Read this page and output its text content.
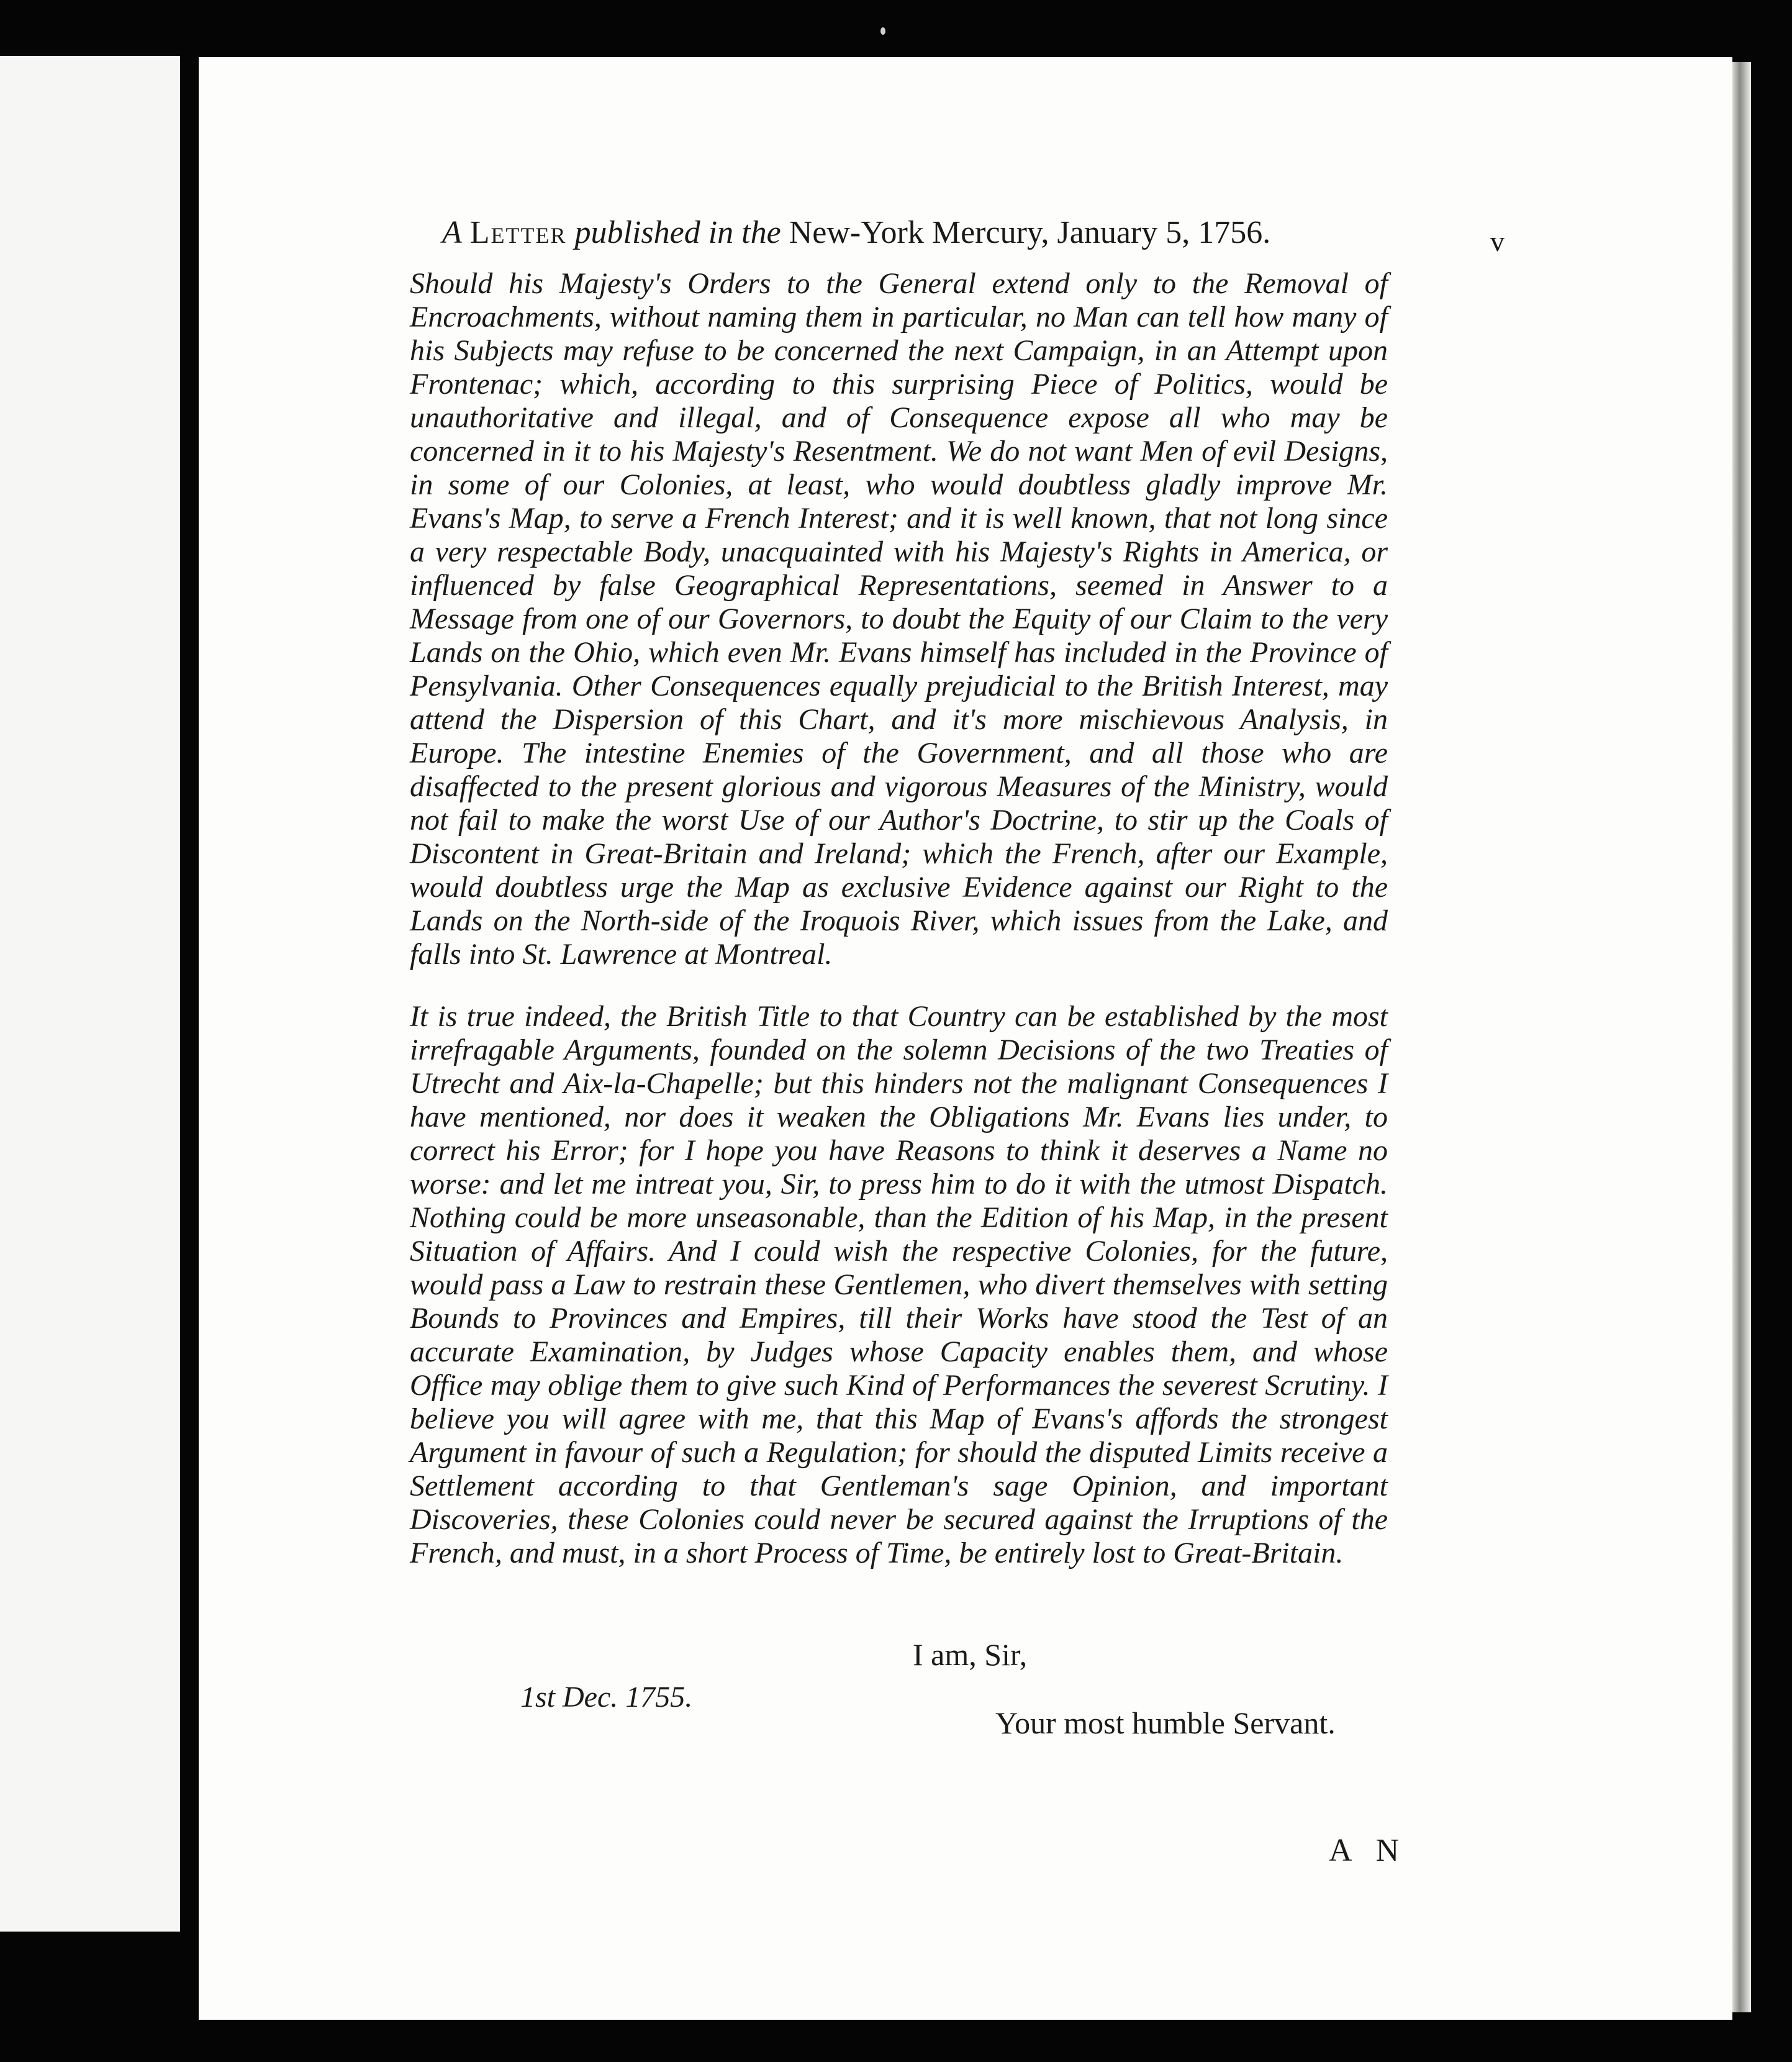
A Letter published in the New-York Mercury, January 5, 1756.	v
Should his Majesty's Orders to the General extend only to the Removal of Encroachments, without naming them in particular, no Man can tell how many of his Subjects may refuse to be concerned the next Campaign, in an Attempt upon Frontenac; which, according to this surprising Piece of Politics, would be unauthoritative and illegal, and of Consequence expose all who may be concerned in it to his Majesty's Resentment. We do not want Men of evil Designs, in some of our Colonies, at least, who would doubtless gladly improve Mr. Evans's Map, to serve a French Interest; and it is well known, that not long since a very respectable Body, unacquainted with his Majesty's Rights in America, or influenced by false Geographical Representations, seemed in Answer to a Message from one of our Governors, to doubt the Equity of our Claim to the very Lands on the Ohio, which even Mr. Evans himself has included in the Province of Pensylvania. Other Consequences equally prejudicial to the British Interest, may attend the Dispersion of this Chart, and it's more mischievous Analysis, in Europe. The intestine Enemies of the Government, and all those who are disaffected to the present glorious and vigorous Measures of the Ministry, would not fail to make the worst Use of our Author's Doctrine, to stir up the Coals of Discontent in Great-Britain and Ireland; which the French, after our Example, would doubtless urge the Map as exclusive Evidence against our Right to the Lands on the North-side of the Iroquois River, which issues from the Lake, and falls into St. Lawrence at Montreal.
It is true indeed, the British Title to that Country can be established by the most irrefragable Arguments, founded on the solemn Decisions of the two Treaties of Utrecht and Aix-la-Chapelle; but this hinders not the malignant Consequences I have mentioned, nor does it weaken the Obligations Mr. Evans lies under, to correct his Error; for I hope you have Reasons to think it deserves a Name no worse: and let me intreat you, Sir, to press him to do it with the utmost Dispatch. Nothing could be more unseasonable, than the Edition of his Map, in the present Situation of Affairs. And I could wish the respective Colonies, for the future, would pass a Law to restrain these Gentlemen, who divert themselves with setting Bounds to Provinces and Empires, till their Works have stood the Test of an accurate Examination, by Judges whose Capacity enables them, and whose Office may oblige them to give such Kind of Performances the severest Scrutiny. I believe you will agree with me, that this Map of Evans's affords the strongest Argument in favour of such a Regulation; for should the disputed Limits receive a Settlement according to that Gentleman's sage Opinion, and important Discoveries, these Colonies could never be secured against the Irruptions of the French, and must, in a short Process of Time, be entirely lost to Great-Britain.
I am, Sir,
1st Dec. 1755.
Your most humble Servant.
A N
